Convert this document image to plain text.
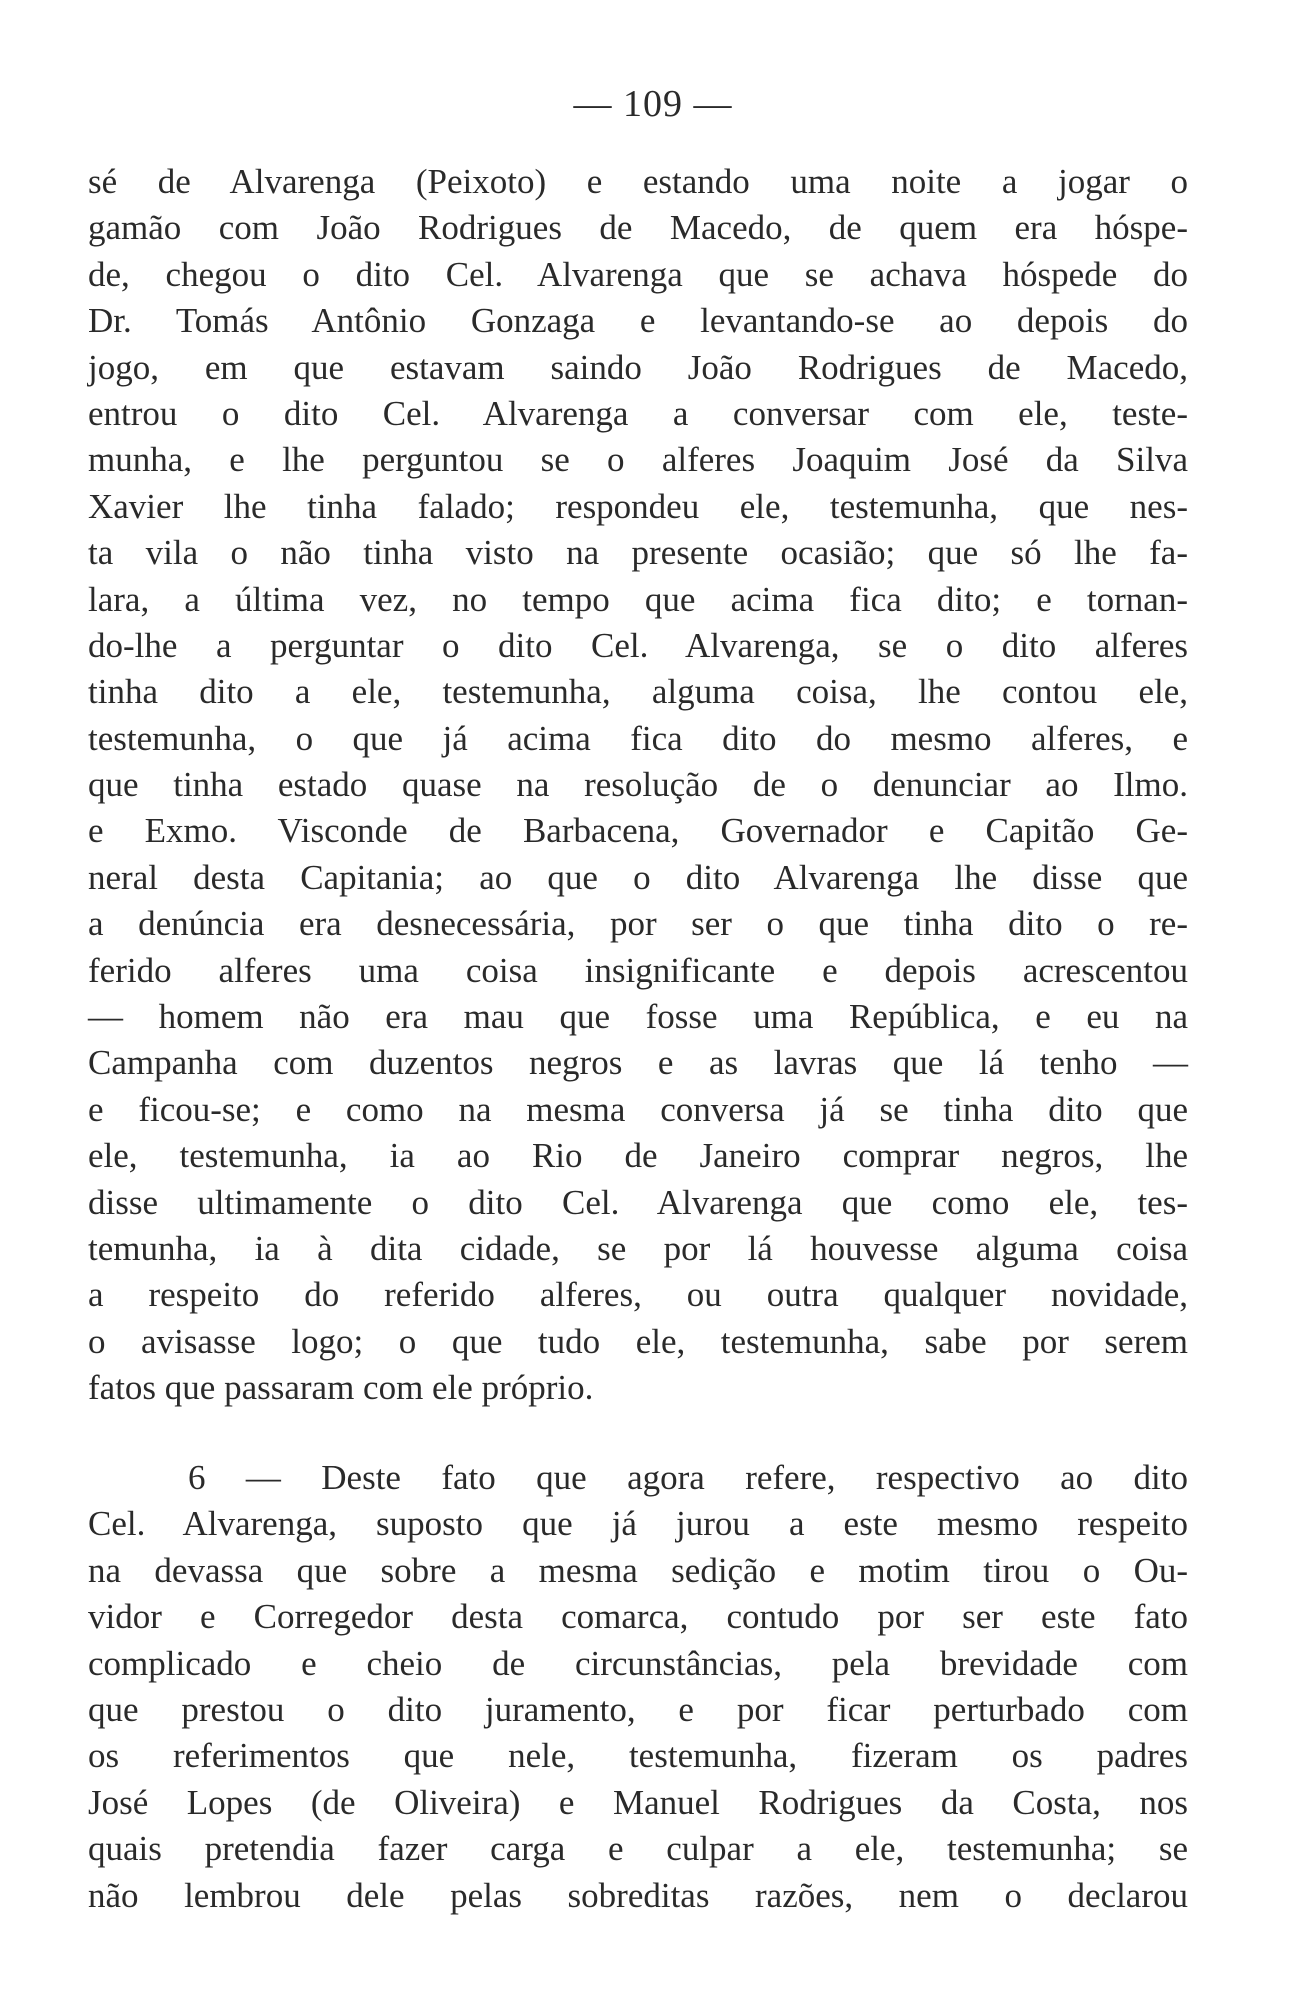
— 109 —
sé de Alvarenga (Peixoto) e estando uma noite a jogar o
gamão com João Rodrigues de Macedo, de quem era hóspe-
de, chegou o dito Cel. Alvarenga que se achava hóspede do
Dr. Tomás Antônio Gonzaga e levantando-se ao depois do
jogo, em que estavam saindo João Rodrigues de Macedo,
entrou o dito Cel. Alvarenga a conversar com ele, teste-
munha, e lhe perguntou se o alferes Joaquim José da Silva
Xavier lhe tinha falado; respondeu ele, testemunha, que nes-
ta vila o não tinha visto na presente ocasião; que só lhe fa-
lara, a última vez, no tempo que acima fica dito; e tornan-
do-lhe a perguntar o dito Cel. Alvarenga, se o dito alferes
tinha dito a ele, testemunha, alguma coisa, lhe contou ele,
testemunha, o que já acima fica dito do mesmo alferes, e
que tinha estado quase na resolução de o denunciar ao Ilmo.
e Exmo. Visconde de Barbacena, Governador e Capitão Ge-
neral desta Capitania; ao que o dito Alvarenga lhe disse que
a denúncia era desnecessária, por ser o que tinha dito o re-
ferido alferes uma coisa insignificante e depois acrescentou
— homem não era mau que fosse uma República, e eu na
Campanha com duzentos negros e as lavras que lá tenho —
e ficou-se; e como na mesma conversa já se tinha dito que
ele, testemunha, ia ao Rio de Janeiro comprar negros, lhe
disse ultimamente o dito Cel. Alvarenga que como ele, tes-
temunha, ia à dita cidade, se por lá houvesse alguma coisa
a respeito do referido alferes, ou outra qualquer novidade,
o avisasse logo; o que tudo ele, testemunha, sabe por serem
fatos que passaram com ele próprio.
6 — Deste fato que agora refere, respectivo ao dito
Cel. Alvarenga, suposto que já jurou a este mesmo respeito
na devassa que sobre a mesma sedição e motim tirou o Ou-
vidor e Corregedor desta comarca, contudo por ser este fato
complicado e cheio de circunstâncias, pela brevidade com
que prestou o dito juramento, e por ficar perturbado com
os referimentos que nele, testemunha, fizeram os padres
José Lopes (de Oliveira) e Manuel Rodrigues da Costa, nos
quais pretendia fazer carga e culpar a ele, testemunha; se
não lembrou dele pelas sobreditas razões, nem o declarou
